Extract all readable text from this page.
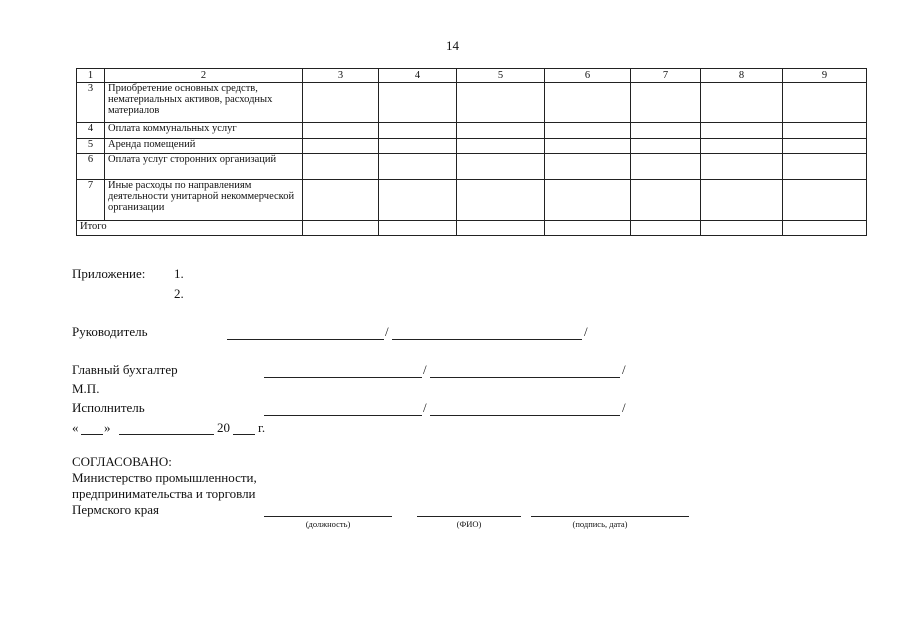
14
1	2	3	4	5	6	7	8	9
3	Приобретение основных средств, нематериальных активов, расходных материалов							
4	Оплата коммунальных услуг							
5	Аренда помещений							
6	Оплата услуг сторонних организаций							
7	Иные расходы по направлениям деятельности унитарной некоммерческой организации							
Итого								
Приложение: 1.
2.
Руководитель	/	/
Главный бухгалтер	/	/
М.П.
Исполнитель	/	/
« »	20 г.
СОГЛАСОВАНО:
Министерство промышленности,
предпринимательства и торговли
Пермского края
(должность)	(ФИО)	(подпись, дата)
